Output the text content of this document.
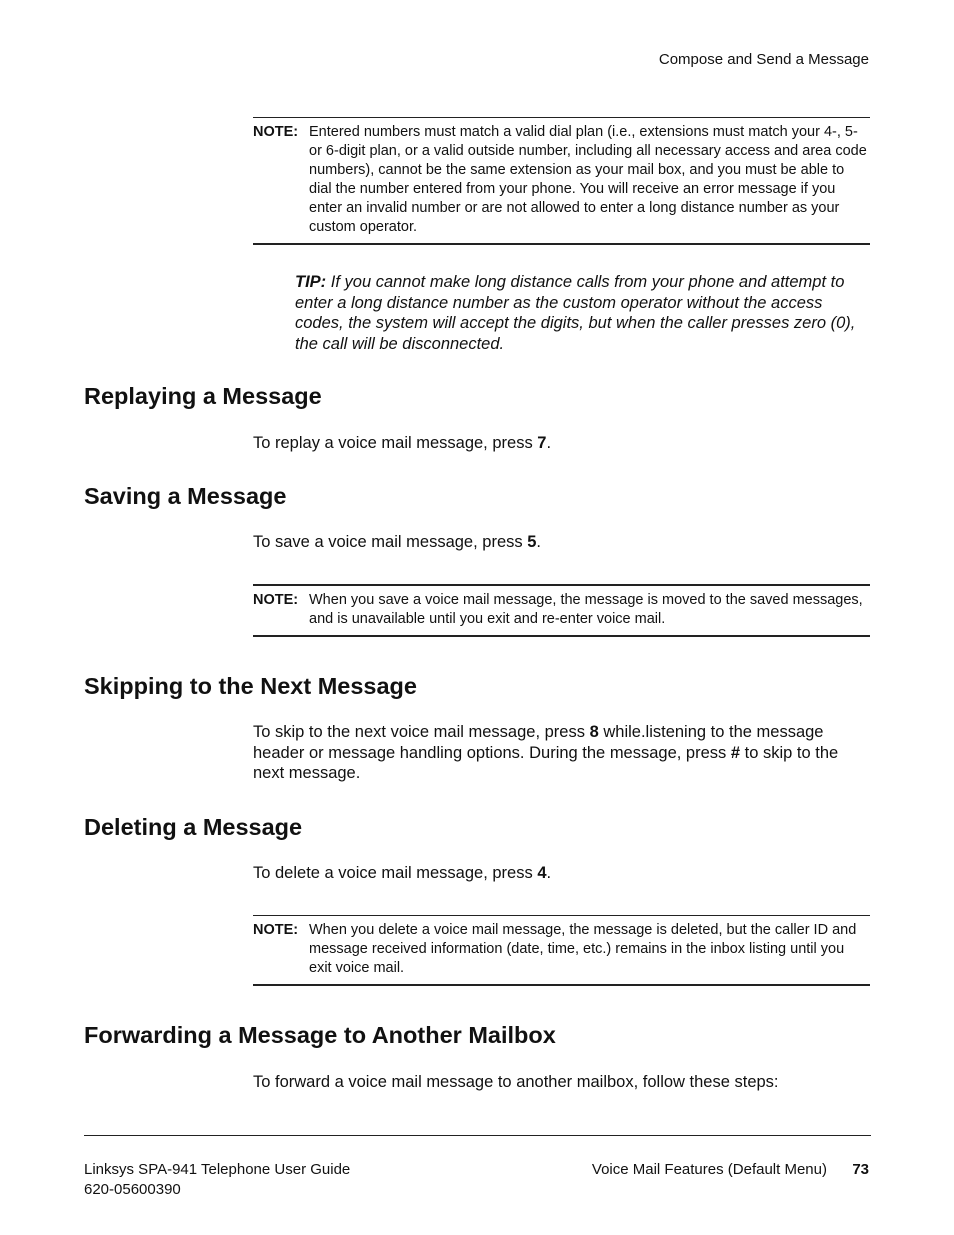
Compose and Send a Message
NOTE: Entered numbers must match a valid dial plan (i.e., extensions must match your 4-, 5- or 6-digit plan, or a valid outside number, including all necessary access and area code numbers), cannot be the same extension as your mail box, and you must be able to dial the number entered from your phone. You will receive an error message if you enter an invalid number or are not allowed to enter a long distance number as your custom operator.
TIP: If you cannot make long distance calls from your phone and attempt to enter a long distance number as the custom operator without the access codes, the system will accept the digits, but when the caller presses zero (0), the call will be disconnected.
Replaying a Message

To replay a voice mail message, press 7.

Saving a Message

To save a voice mail message, press 5.

NOTE: When you save a voice mail message, the message is moved to the saved messages, and is unavailable until you exit and re-enter voice mail.
Skipping to the Next Message

To skip to the next voice mail message, press 8 while.listening to the message header or message handling options. During the message, press # to skip to the next message.

Deleting a Message

To delete a voice mail message, press 4.

NOTE: When you delete a voice mail message, the message is deleted, but the caller ID and message received information (date, time, etc.) remains in the inbox listing until you exit voice mail.
Forwarding a Message to Another Mailbox

To forward a voice mail message to another mailbox, follow these steps:

Linksys SPA-941 Telephone User Guide
620-05600390
Voice Mail Features (Default Menu) 73
